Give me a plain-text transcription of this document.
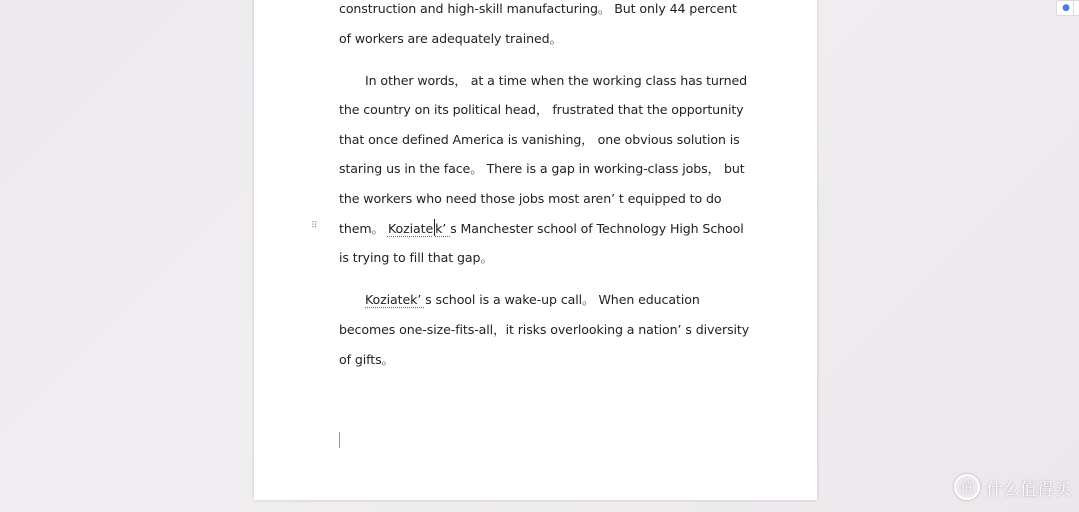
construction and high-skill manufacturing。 But only 44 percent
of workers are adequately trained。
In other words， at a time when the working class has turned
the country on its political head， frustrated that the opportunity
that once defined America is vanishing， one obvious solution is
staring us in the face。 There is a gap in working-class jobs， but
the workers who need those jobs most aren’ t equipped to do
them。 Koziate k’ s Manchester school of Technology High School
is trying to fill that gap。
Koziatek’ s school is a wake-up call。 When education
becomes one-size-fits-all，it risks overlooking a nation’ s diversity
of gifts。
⠿
●
值 什么值得买
